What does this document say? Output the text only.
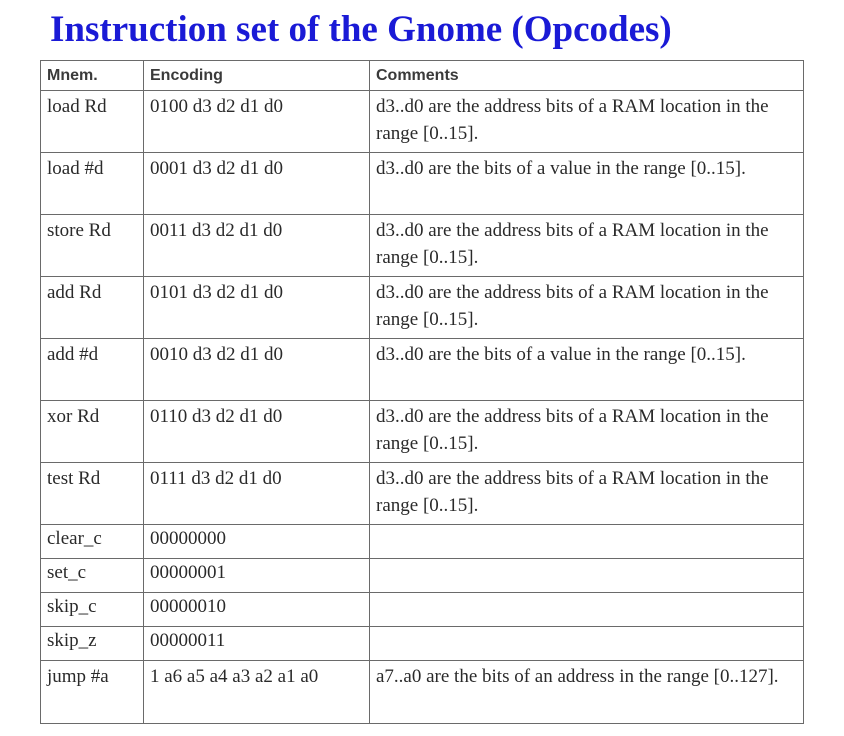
Instruction set of the Gnome (Opcodes)
Mnem.	Encoding	Comments
load Rd	0100 d3 d2 d1 d0	d3..d0 are the address bits of a RAM location in the range [0..15].
load #d	0001 d3 d2 d1 d0	d3..d0 are the bits of a value in the range [0..15].
store Rd	0011 d3 d2 d1 d0	d3..d0 are the address bits of a RAM location in the range [0..15].
add Rd	0101 d3 d2 d1 d0	d3..d0 are the address bits of a RAM location in the range [0..15].
add #d	0010 d3 d2 d1 d0	d3..d0 are the bits of a value in the range [0..15].
xor Rd	0110 d3 d2 d1 d0	d3..d0 are the address bits of a RAM location in the range [0..15].
test Rd	0111 d3 d2 d1 d0	d3..d0 are the address bits of a RAM location in the range [0..15].
clear_c	00000000	
set_c	00000001	
skip_c	00000010	
skip_z	00000011	
jump #a	1 a6 a5 a4 a3 a2 a1 a0	a7..a0 are the bits of an address in the range [0..127].
